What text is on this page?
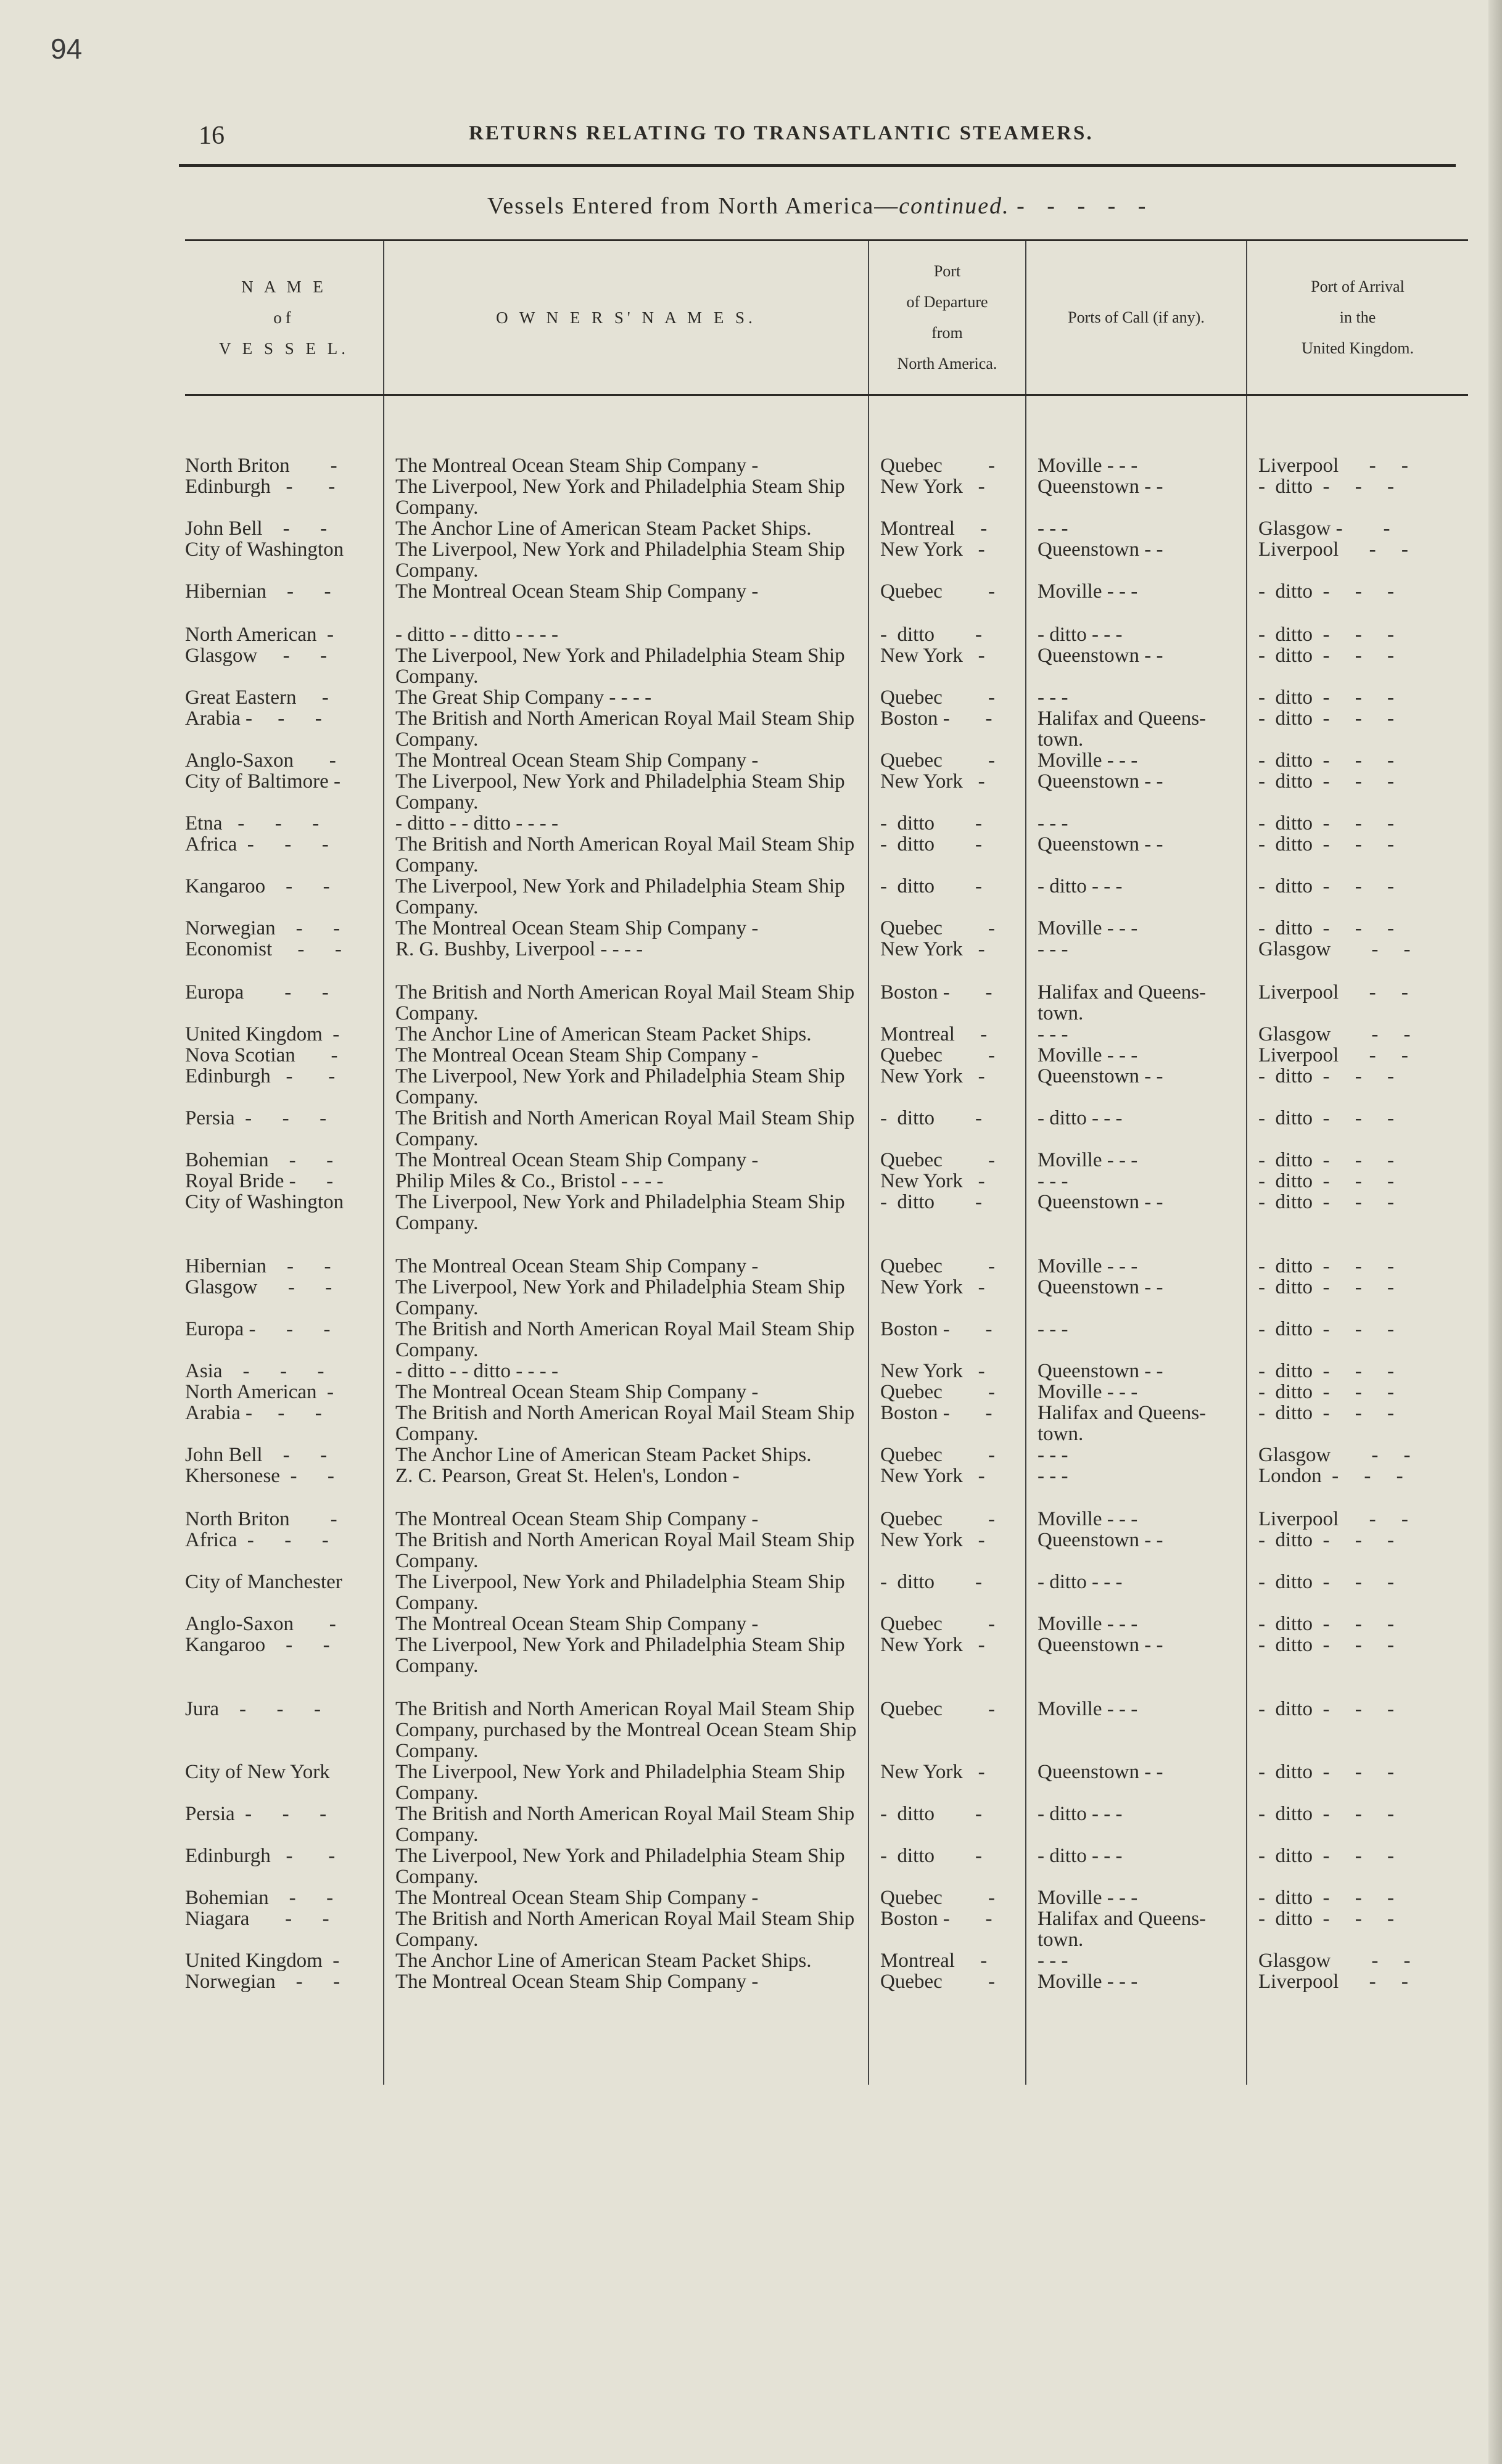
94
16	RETURNS RELATING TO TRANSATLANTIC STEAMERS.
Vessels Entered from North America—continued. -   -   -   -   -
N A M E
of
V E S S E L.	O W N E R S' N A M E S.	Port
of Departure
from
North America.	Ports of Call (if any).	Port of Arrival
in the
United Kingdom.

North Briton        -	The Montreal Ocean Steam Ship Company -	Quebec         -	Moville - - -	Liverpool      -     -
Edinburgh   -       -	The Liverpool, New York and Philadelphia Steam Ship Company.	New York   -	Queenstown - -	-  ditto  -     -     -
John Bell    -      -	The Anchor Line of American Steam Packet Ships.	Montreal     -	- - -	Glasgow -        -
City of Washington	The Liverpool, New York and Philadelphia Steam Ship Company.	New York   -	Queenstown - -	Liverpool      -     -
Hibernian    -      -	The Montreal Ocean Steam Ship Company -	Quebec         -	Moville - - -	-  ditto  -     -     -
North American  -	- ditto - - ditto - - - -	-  ditto        -	- ditto - - -	-  ditto  -     -     -
Glasgow     -      -	The Liverpool, New York and Philadelphia Steam Ship Company.	New York   -	Queenstown - -	-  ditto  -     -     -
Great Eastern     -	The Great Ship Company - - - -	Quebec         -	- - -	-  ditto  -     -     -
Arabia -     -      -	The British and North American Royal Mail Steam Ship Company.	Boston -       -	Halifax and Queens-town.	-  ditto  -     -     -
Anglo-Saxon       -	The Montreal Ocean Steam Ship Company -	Quebec         -	Moville - - -	-  ditto  -     -     -
City of Baltimore -	The Liverpool, New York and Philadelphia Steam Ship Company.	New York   -	Queenstown - -	-  ditto  -     -     -
Etna   -      -      -	- ditto - - ditto - - - -	-  ditto        -	- - -	-  ditto  -     -     -
Africa  -      -      -	The British and North American Royal Mail Steam Ship Company.	-  ditto        -	Queenstown - -	-  ditto  -     -     -
Kangaroo    -      -	The Liverpool, New York and Philadelphia Steam Ship Company.	-  ditto        -	- ditto - - -	-  ditto  -     -     -
Norwegian    -      -	The Montreal Ocean Steam Ship Company -	Quebec         -	Moville - - -	-  ditto  -     -     -
Economist     -      -	R. G. Bushby, Liverpool - - - -	New York   -	- - -	Glasgow        -     -
Europa        -      -	The British and North American Royal Mail Steam Ship Company.	Boston -       -	Halifax and Queens-town.	Liverpool      -     -
United Kingdom  -	The Anchor Line of American Steam Packet Ships.	Montreal     -	- - -	Glasgow        -     -
Nova Scotian       -	The Montreal Ocean Steam Ship Company -	Quebec         -	Moville - - -	Liverpool      -     -
Edinburgh   -       -	The Liverpool, New York and Philadelphia Steam Ship Company.	New York   -	Queenstown - -	-  ditto  -     -     -
Persia  -      -      -	The British and North American Royal Mail Steam Ship Company.	-  ditto        -	- ditto - - -	-  ditto  -     -     -
Bohemian    -      -	The Montreal Ocean Steam Ship Company -	Quebec         -	Moville - - -	-  ditto  -     -     -
Royal Bride -      -	Philip Miles & Co., Bristol - - - -	New York   -	- - -	-  ditto  -     -     -
City of Washington	The Liverpool, New York and Philadelphia Steam Ship Company.	-  ditto        -	Queenstown - -	-  ditto  -     -     -
Hibernian    -      -	The Montreal Ocean Steam Ship Company -	Quebec         -	Moville - - -	-  ditto  -     -     -
Glasgow      -      -	The Liverpool, New York and Philadelphia Steam Ship Company.	New York   -	Queenstown - -	-  ditto  -     -     -
Europa -      -      -	The British and North American Royal Mail Steam Ship Company.	Boston -       -	- - -	-  ditto  -     -     -
Asia    -      -      -	- ditto - - ditto - - - -	New York   -	Queenstown - -	-  ditto  -     -     -
North American  -	The Montreal Ocean Steam Ship Company -	Quebec         -	Moville - - -	-  ditto  -     -     -
Arabia -     -      -	The British and North American Royal Mail Steam Ship Company.	Boston -       -	Halifax and Queens-town.	-  ditto  -     -     -
John Bell    -      -	The Anchor Line of American Steam Packet Ships.	Quebec         -	- - -	Glasgow        -     -
Khersonese  -      -	Z. C. Pearson, Great St. Helen's, London -	New York   -	- - -	London  -     -     -
North Briton        -	The Montreal Ocean Steam Ship Company -	Quebec         -	Moville - - -	Liverpool      -     -
Africa  -      -      -	The British and North American Royal Mail Steam Ship Company.	New York   -	Queenstown - -	-  ditto  -     -     -
City of Manchester	The Liverpool, New York and Philadelphia Steam Ship Company.	-  ditto        -	- ditto - - -	-  ditto  -     -     -
Anglo-Saxon       -	The Montreal Ocean Steam Ship Company -	Quebec         -	Moville - - -	-  ditto  -     -     -
Kangaroo    -      -	The Liverpool, New York and Philadelphia Steam Ship Company.	New York   -	Queenstown - -	-  ditto  -     -     -
Jura    -      -      -	The British and North American Royal Mail Steam Ship Company, purchased by the Montreal Ocean Steam Ship Company.	Quebec         -	Moville - - -	-  ditto  -     -     -
City of New York	The Liverpool, New York and Philadelphia Steam Ship Company.	New York   -	Queenstown - -	-  ditto  -     -     -
Persia  -      -      -	The British and North American Royal Mail Steam Ship Company.	-  ditto        -	- ditto - - -	-  ditto  -     -     -
Edinburgh   -       -	The Liverpool, New York and Philadelphia Steam Ship Company.	-  ditto        -	- ditto - - -	-  ditto  -     -     -
Bohemian    -      -	The Montreal Ocean Steam Ship Company -	Quebec         -	Moville - - -	-  ditto  -     -     -
Niagara       -      -	The British and North American Royal Mail Steam Ship Company.	Boston -       -	Halifax and Queens-town.	-  ditto  -     -     -
United Kingdom  -	The Anchor Line of American Steam Packet Ships.	Montreal     -	- - -	Glasgow        -     -
Norwegian    -      -	The Montreal Ocean Steam Ship Company -	Quebec         -	Moville - - -	Liverpool      -     -
